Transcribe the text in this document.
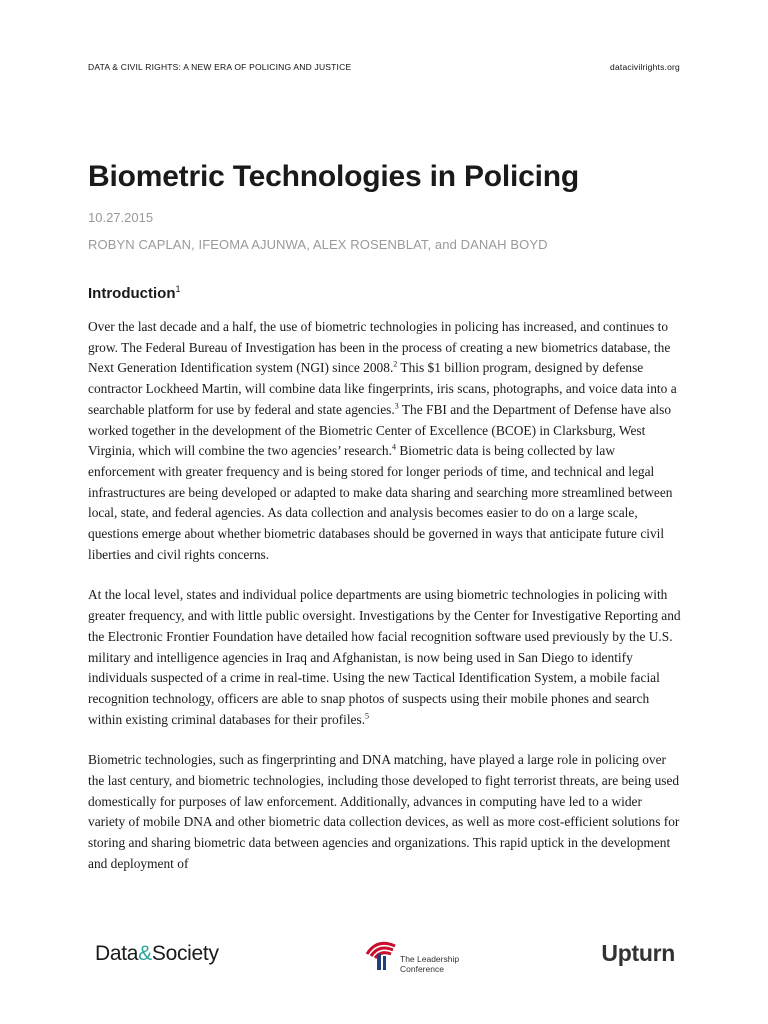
DATA & CIVIL RIGHTS: A NEW ERA OF POLICING AND JUSTICE	datacivilrights.org
Biometric Technologies in Policing
10.27.2015
ROBYN CAPLAN, IFEOMA AJUNWA, ALEX ROSENBLAT, and DANAH BOYD
Introduction$^1$

Over the last decade and a half, the use of biometric technologies in policing has increased, and continues to grow. The Federal Bureau of Investigation has been in the process of creating a new biometrics database, the Next Generation Identification system (NGI) since 2008.$^2$ This $1 billion program, designed by defense contractor Lockheed Martin, will combine data like fingerprints, iris scans, photographs, and voice data into a searchable platform for use by federal and state agencies.$^3$ The FBI and the Department of Defense have also worked together in the development of the Biometric Center of Excellence (BCOE) in Clarksburg, West Virginia, which will combine the two agencies’ research.$^4$ Biometric data is being collected by law enforcement with greater frequency and is being stored for longer periods of time, and technical and legal infrastructures are being developed or adapted to make data sharing and searching more streamlined between local, state, and federal agencies. As data collection and analysis becomes easier to do on a large scale, questions emerge about whether biometric databases should be governed in ways that anticipate future civil liberties and civil rights concerns.

At the local level, states and individual police departments are using biometric technologies in policing with greater frequency, and with little public oversight. Investigations by the Center for Investigative Reporting and the Electronic Frontier Foundation have detailed how facial recognition software used previously by the U.S. military and intelligence agencies in Iraq and Afghanistan, is now being used in San Diego to identify individuals suspected of a crime in real-time. Using the new Tactical Identification System, a mobile facial recognition technology, officers are able to snap photos of suspects using their mobile phones and search within existing criminal databases for their profiles.$^5$

Biometric technologies, such as fingerprinting and DNA matching, have played a large role in policing over the last century, and biometric technologies, including those developed to fight terrorist threats, are being used domestically for purposes of law enforcement. Additionally, advances in computing have led to a wider variety of mobile DNA and other biometric data collection devices, as well as more cost-efficient solutions for storing and sharing biometric data between agencies and organizations. This rapid uptick in the development and deployment of

Data&Society	The Leadership
Conference
Upturn
